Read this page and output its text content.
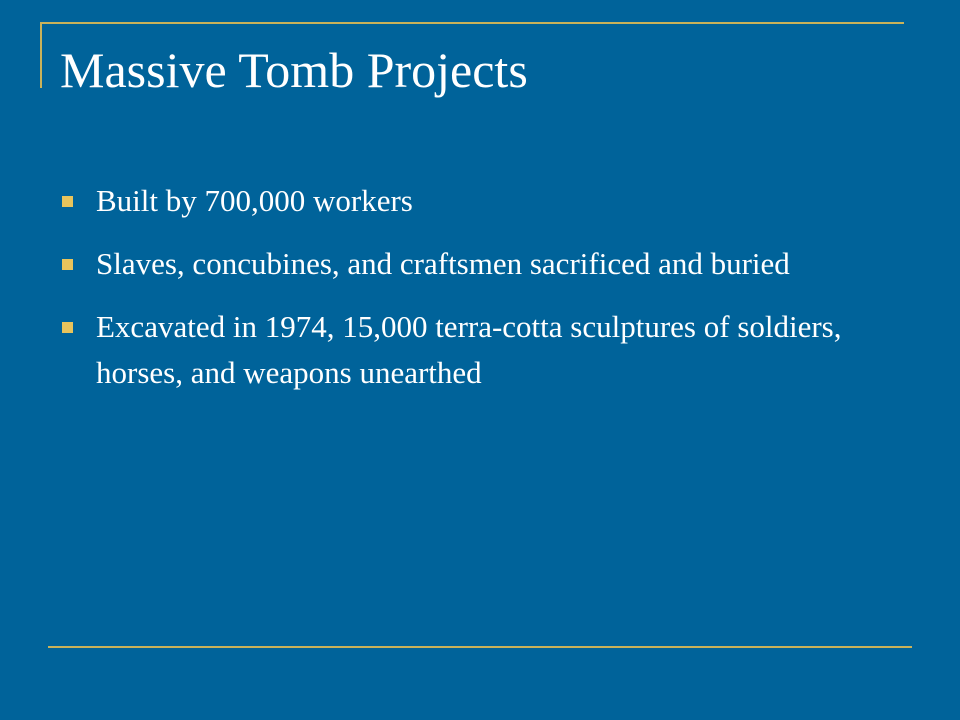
Massive Tomb Projects
Built by 700,000 workers
Slaves, concubines, and craftsmen sacrificed and buried
Excavated in 1974, 15,000 terra-cotta sculptures of soldiers, horses, and weapons unearthed
